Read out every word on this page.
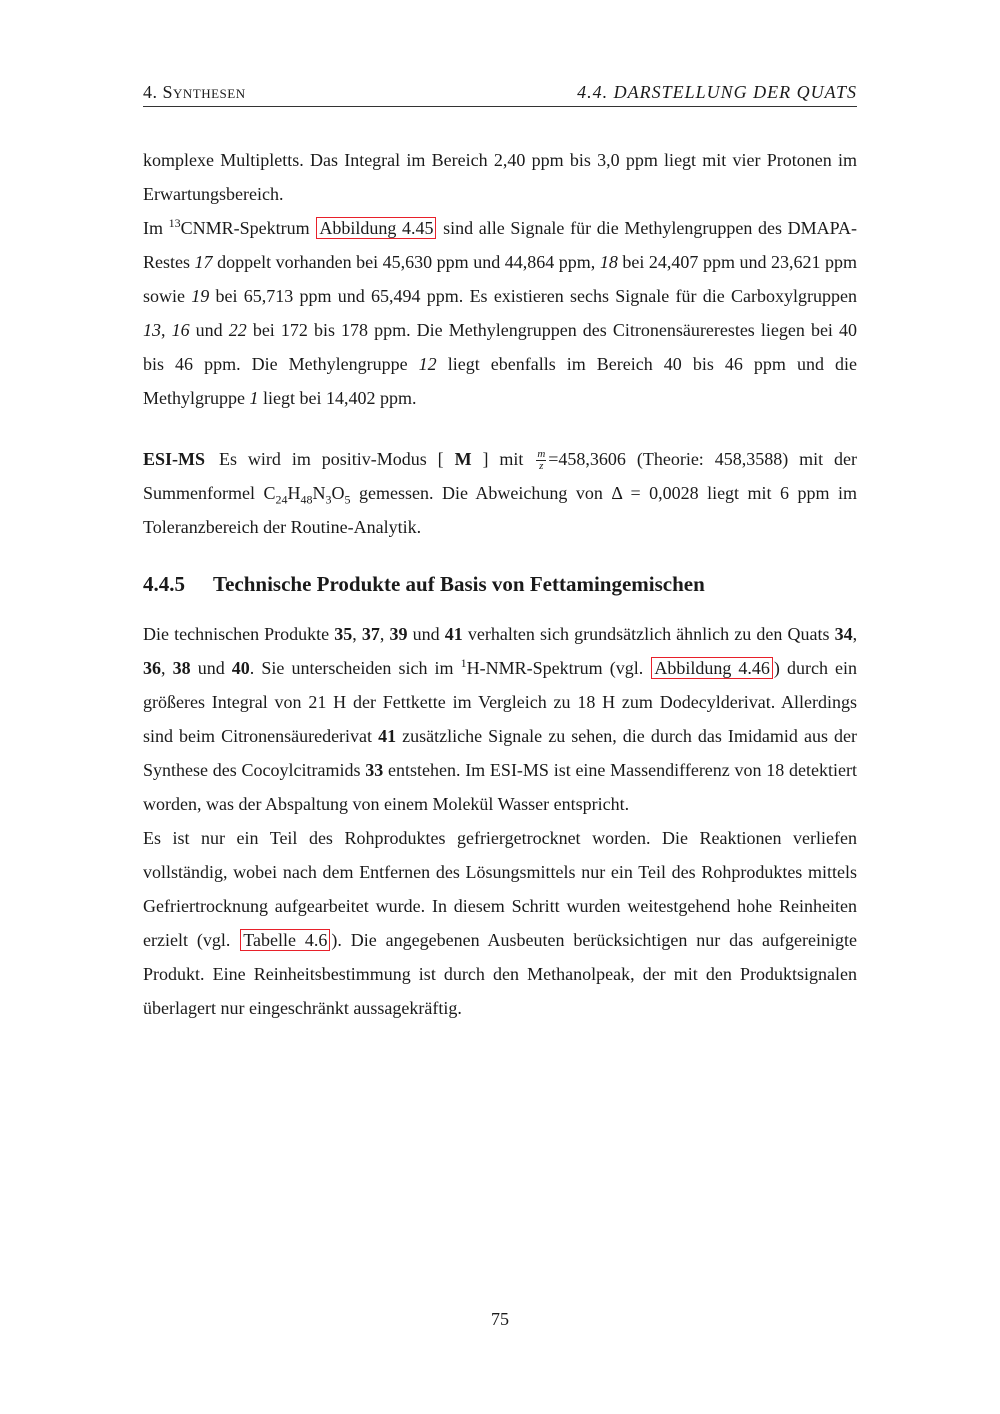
4. Synthesen	4.4. DARSTELLUNG DER QUATS

komplexe Multipletts. Das Integral im Bereich 2,40 ppm bis 3,0 ppm liegt mit vier Protonen im Erwartungsbereich.

Im $^{13}$CNMR-Spektrum Abbildung 4.45 sind alle Signale für die Methylengruppen des DMAPA-Restes 17 doppelt vorhanden bei 45,630 ppm und 44,864 ppm, 18 bei 24,407 ppm und 23,621 ppm sowie 19 bei 65,713 ppm und 65,494 ppm. Es existieren sechs Signale für die Carboxylgruppen 13, 16 und 22 bei 172 bis 178 ppm. Die Methylengruppen des Citronensäurerestes liegen bei 40 bis 46 ppm. Die Methylengruppe 12 liegt ebenfalls im Bereich 40 bis 46 ppm und die Methylgruppe 1 liegt bei 14,402 ppm.

ESI-MS Es wird im positiv-Modus [ M ] mit $\frac{m}{z} =458,3606$ (Theorie: 458,3588) mit der Summenformel $C_{24}H_{48}N_3O_5$ gemessen. Die Abweichung von Δ = 0,0028 liegt mit 6 ppm im Toleranzbereich der Routine-Analytik.

4.4.5 Technische Produkte auf Basis von Fettamingemischen

Die technischen Produkte 35, 37, 39 und 41 verhalten sich grundsätzlich ähnlich zu den Quats 34, 36, 38 und 40. Sie unterscheiden sich im $^1$H-NMR-Spektrum (vgl. Abbildung 4.46 ) durch ein größeres Integral von 21 H der Fettkette im Vergleich zu 18 H zum Dodecylderivat. Allerdings sind beim Citronensäurederivat 41 zusätzliche Signale zu sehen, die durch das Imidamid aus der Synthese des Cocoylcitramids 33 entstehen. Im ESI-MS ist eine Massendifferenz von 18 detektiert worden, was der Abspaltung von einem Molekül Wasser entspricht.

Es ist nur ein Teil des Rohproduktes gefriergetrocknet worden. Die Reaktionen verliefen vollständig, wobei nach dem Entfernen des Lösungsmittels nur ein Teil des Rohproduktes mittels Gefriertrocknung aufgearbeitet wurde. In diesem Schritt wurden weitestgehend hohe Reinheiten erzielt (vgl. Tabelle 4.6 ). Die angegebenen Ausbeuten berücksichtigen nur das aufgereinigte Produkt. Eine Reinheitsbestimmung ist durch den Methanolpeak, der mit den Produktsignalen überlagert nur eingeschränkt aussagekräftig.

75
